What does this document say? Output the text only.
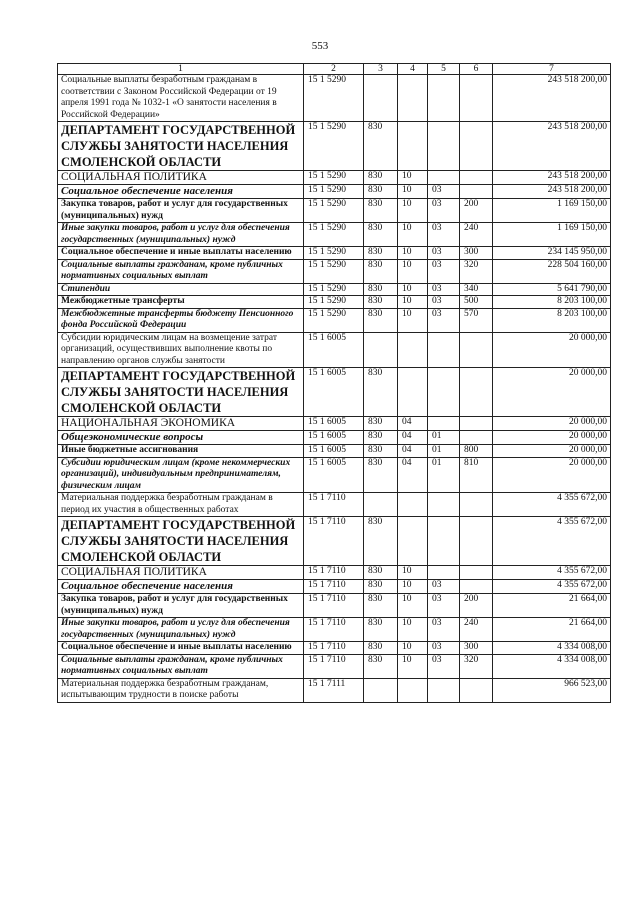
553
1	2	3	4	5	6	7
Социальные выплаты безработным гражданам в соответствии с Законом Российской Федерации от 19 апреля 1991 года № 1032-1 «О занятости населения в Российской Федерации»	15 1 5290					243 518 200,00
ДЕПАРТАМЕНТ ГОСУДАРСТВЕННОЙ СЛУЖБЫ ЗАНЯТОСТИ НАСЕЛЕНИЯ СМОЛЕНСКОЙ ОБЛАСТИ	15 1 5290	830				243 518 200,00
СОЦИАЛЬНАЯ ПОЛИТИКА	15 1 5290	830	10			243 518 200,00
Социальное обеспечение населения	15 1 5290	830	10	03		243 518 200,00
Закупка товаров, работ и услуг для государственных (муниципальных) нужд	15 1 5290	830	10	03	200	1 169 150,00
Иные закупки товаров, работ и услуг для обеспечения государственных (муниципальных) нужд	15 1 5290	830	10	03	240	1 169 150,00
Социальное обеспечение и иные выплаты населению	15 1 5290	830	10	03	300	234 145 950,00
Социальные выплаты гражданам, кроме публичных нормативных социальных выплат	15 1 5290	830	10	03	320	228 504 160,00
Стипендии	15 1 5290	830	10	03	340	5 641 790,00
Межбюджетные трансферты	15 1 5290	830	10	03	500	8 203 100,00
Межбюджетные трансферты бюджету Пенсионного фонда Российской Федерации	15 1 5290	830	10	03	570	8 203 100,00
Субсидии юридическим лицам на возмещение затрат организаций, осуществивших выполнение квоты по направлению органов службы занятости	15 1 6005					20 000,00
ДЕПАРТАМЕНТ ГОСУДАРСТВЕННОЙ СЛУЖБЫ ЗАНЯТОСТИ НАСЕЛЕНИЯ СМОЛЕНСКОЙ ОБЛАСТИ	15 1 6005	830				20 000,00
НАЦИОНАЛЬНАЯ ЭКОНОМИКА	15 1 6005	830	04			20 000,00
Общеэкономические вопросы	15 1 6005	830	04	01		20 000,00
Иные бюджетные ассигнования	15 1 6005	830	04	01	800	20 000,00
Субсидии юридическим лицам (кроме некоммерческих организаций), индивидуальным предпринимателям, физическим лицам	15 1 6005	830	04	01	810	20 000,00
Материальная поддержка безработным гражданам в период их участия в общественных работах	15 1 7110					4 355 672,00
ДЕПАРТАМЕНТ ГОСУДАРСТВЕННОЙ СЛУЖБЫ ЗАНЯТОСТИ НАСЕЛЕНИЯ СМОЛЕНСКОЙ ОБЛАСТИ	15 1 7110	830				4 355 672,00
СОЦИАЛЬНАЯ ПОЛИТИКА	15 1 7110	830	10			4 355 672,00
Социальное обеспечение населения	15 1 7110	830	10	03		4 355 672,00
Закупка товаров, работ и услуг для государственных (муниципальных) нужд	15 1 7110	830	10	03	200	21 664,00
Иные закупки товаров, работ и услуг для обеспечения государственных (муниципальных) нужд	15 1 7110	830	10	03	240	21 664,00
Социальное обеспечение и иные выплаты населению	15 1 7110	830	10	03	300	4 334 008,00
Социальные выплаты гражданам, кроме публичных нормативных социальных выплат	15 1 7110	830	10	03	320	4 334 008,00
Материальная поддержка безработным гражданам, испытывающим трудности в поиске работы	15 1 7111					966 523,00
